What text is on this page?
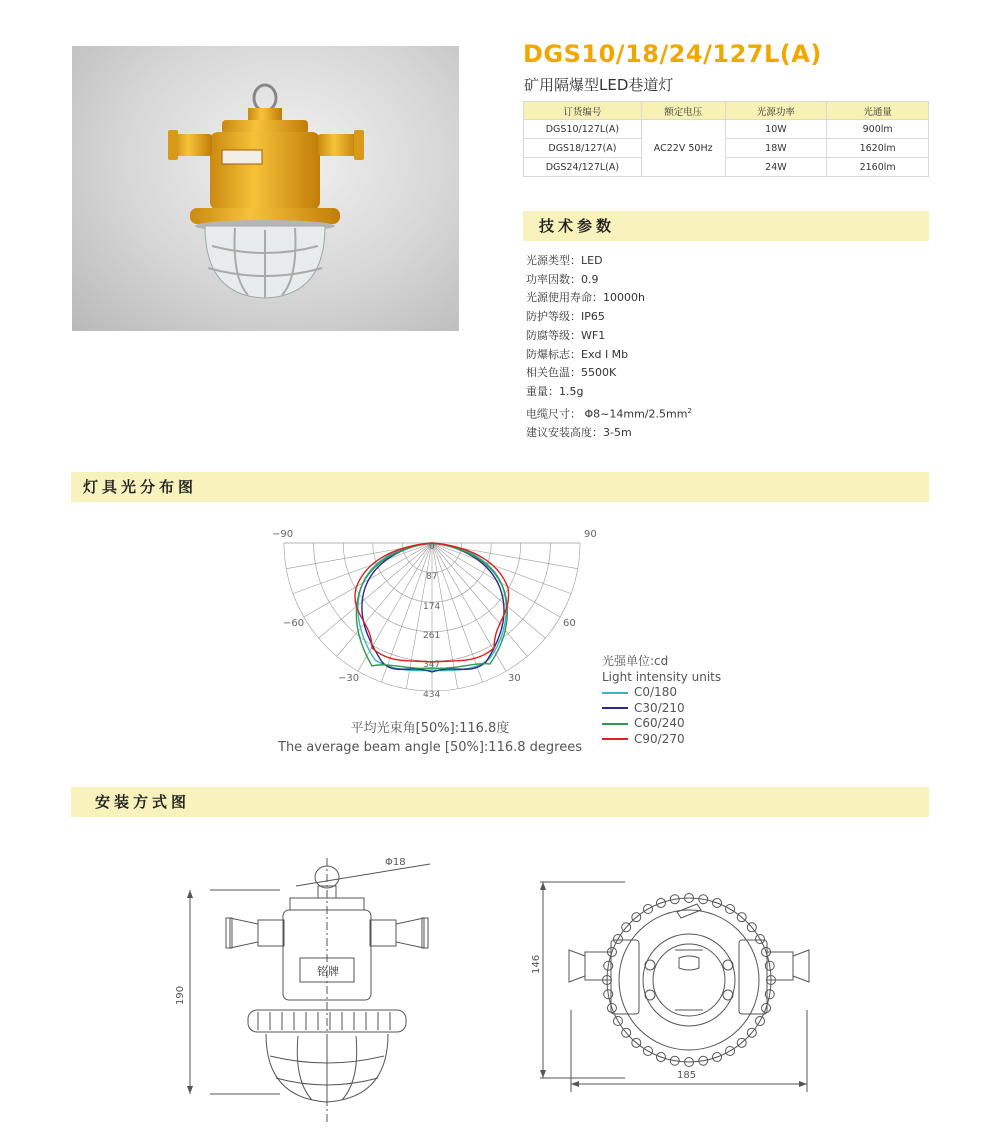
DGS10/18/24/127L(A)
矿用隔爆型LED巷道灯
订货编号	额定电压	光源功率	光通量
DGS10/127L(A)	AC22V 50Hz	10W	900lm
DGS18/127(A)		18W	1620lm
DGS24/127L(A)		24W	2160lm
技术参数
光源类型：LED
功率因数：0.9
光源使用寿命：10000h
防护等级：IP65
防腐等级：WF1
防爆标志：Exd I Mb
相关色温：5500K
重量：1.5g
电缆尺寸： $\Phi 8\sim 14mm/2.5mm^2$
建议安装高度：3-5m
灯具光分布图
−90	90
−60	60
−30	30
0
87
174
261
347
434
光强单位:cd
Light intensity units
C0/180
C30/210
C60/240
C90/270
平均光束角[50%]:116.8度
The average beam angle [50%]:116.8 degrees
安装方式图
Φ18
190
铭牌	146
185
